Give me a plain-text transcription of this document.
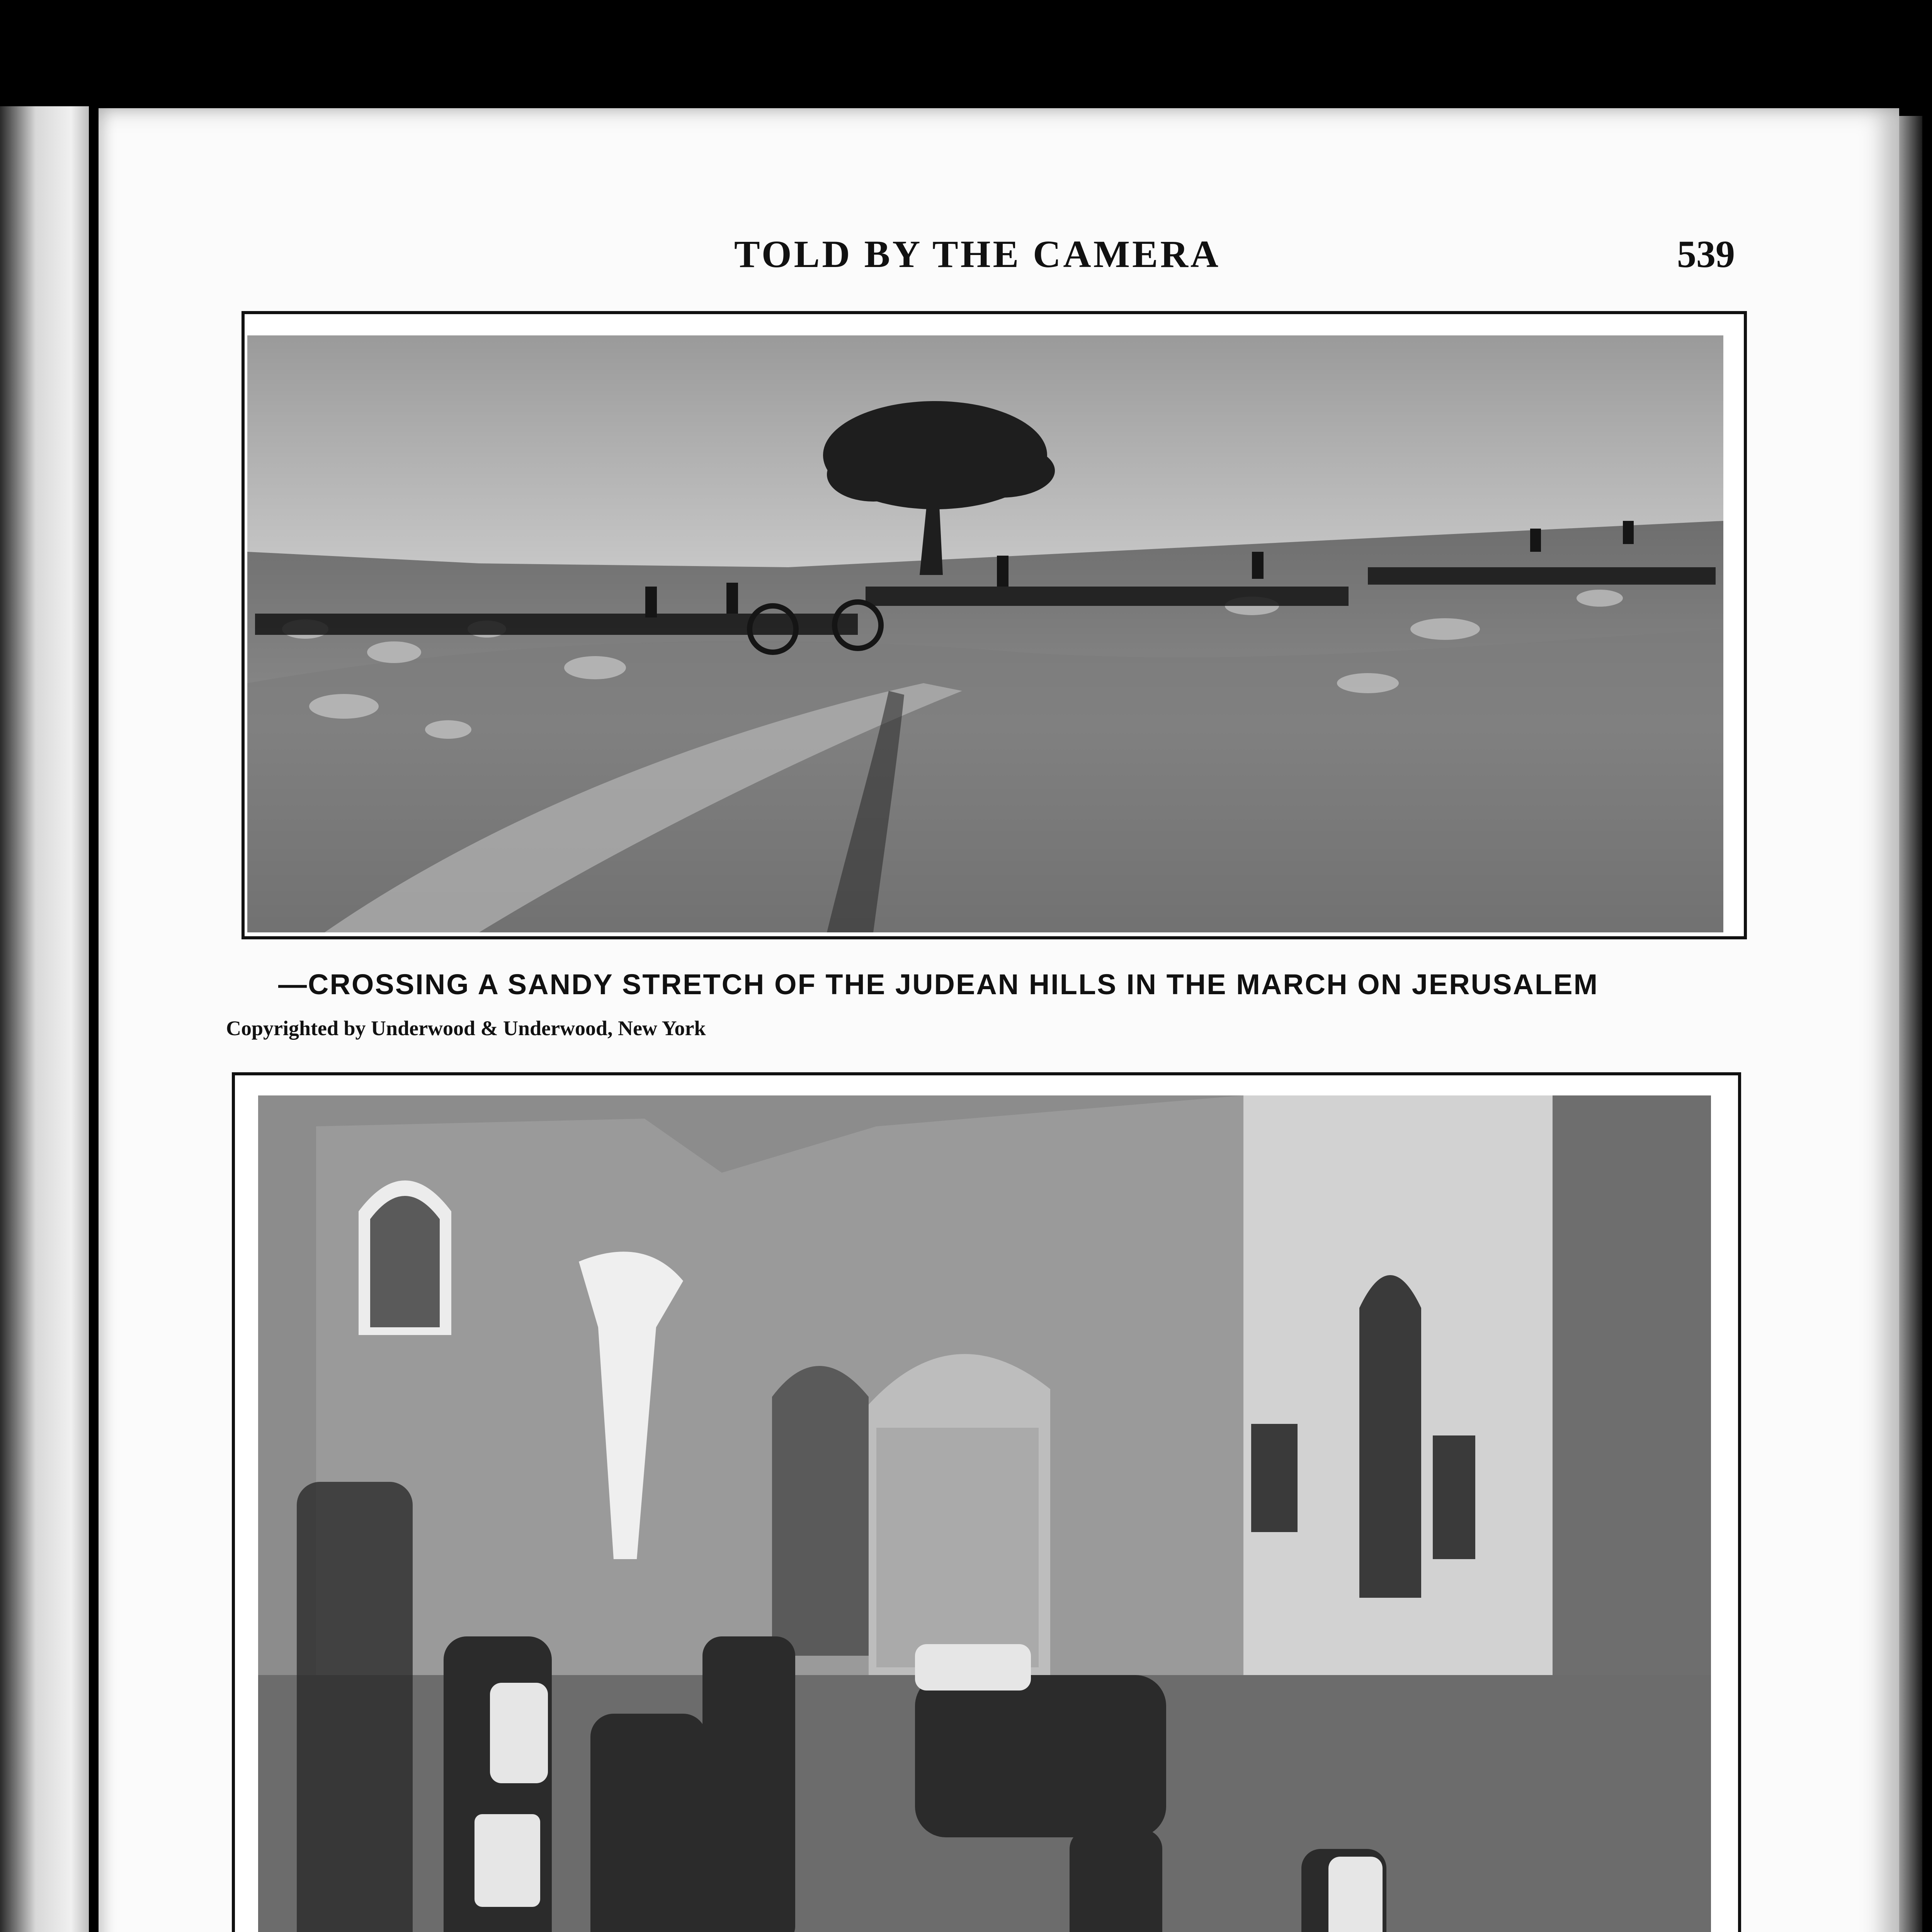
TOLD BY THE CAMERA	539
—CROSSING A SANDY STRETCH OF THE JUDEAN HILLS IN THE MARCH ON JERUSALEM
Copyrighted by Underwood & Underwood, New York
